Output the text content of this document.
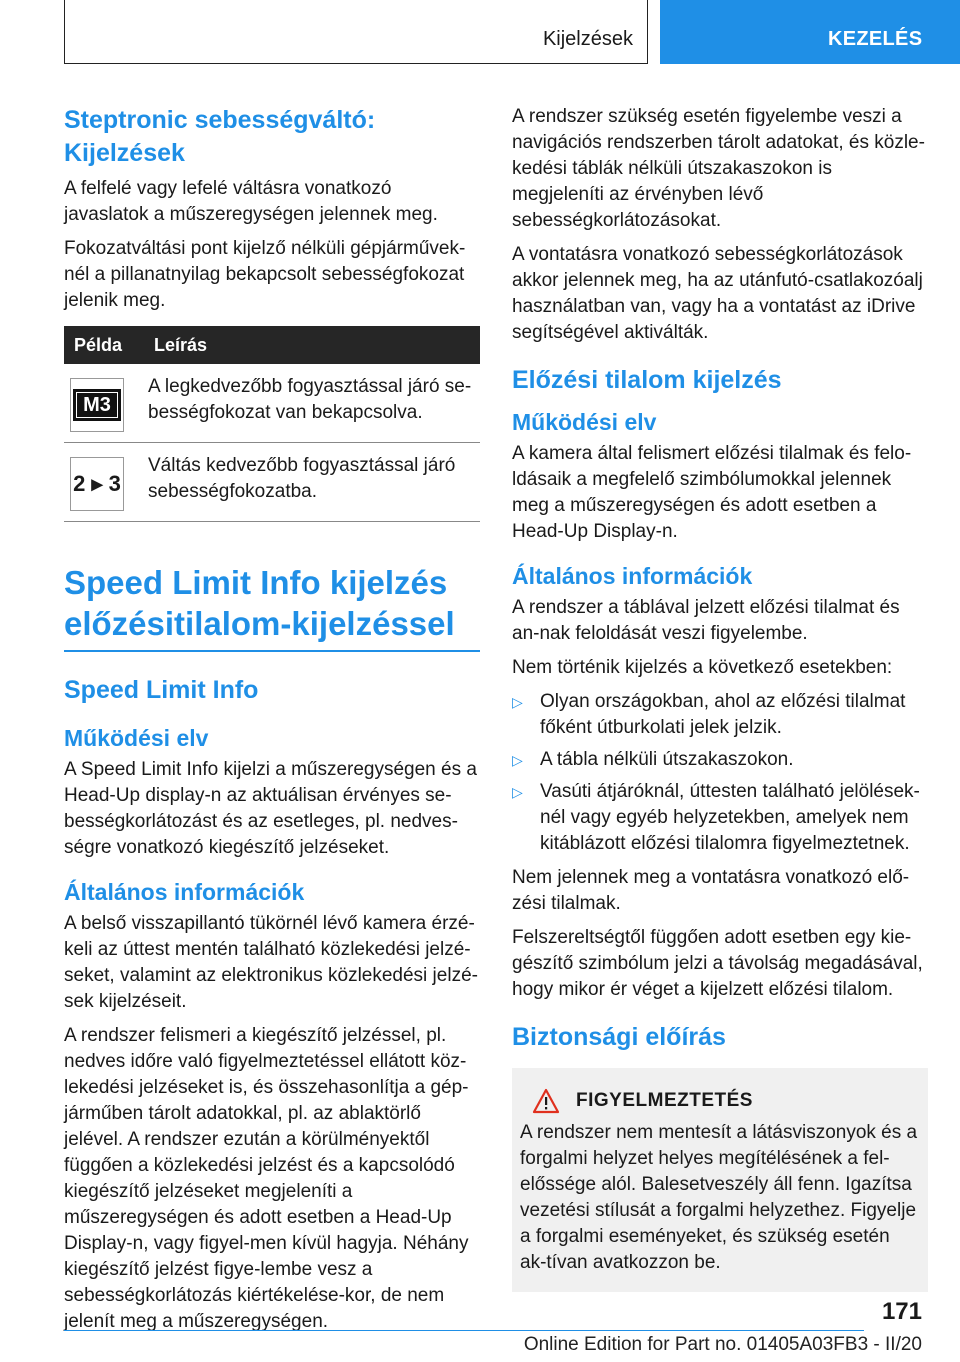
Kijelzések	KEZELÉS
Steptronic sebességváltó:
Kijelzések

A felfelé vagy lefelé váltásra vonatkozó javaslatok a műszeregységen jelennek meg.

Fokozatváltási pont kijelző nélküli gépjárművek-nél a pillanatnyilag bekapcsolt sebességfokozat jelenik meg.

Példa	Leírás

M3	A legkedvezőbb fogyasztással járó se-bességfokozat van bekapcsolva.

2 ▸ 3	Váltás kedvezőbb fogyasztással járó sebességfokozatba.
Speed Limit Info kijelzés
előzésitilalom-kijelzéssel
Speed Limit Info
Működési elv

A Speed Limit Info kijelzi a műszeregységen és a Head-Up display-n az aktuálisan érvényes se-bességkorlátozást és az esetleges, pl. nedves-ségre vonatkozó kiegészítő jelzéseket.

Általános információk

A belső visszapillantó tükörnél lévő kamera érzé-keli az úttest mentén található közlekedési jelzé-seket, valamint az elektronikus közlekedési jelzé-sek kijelzéseit.

A rendszer felismeri a kiegészítő jelzéssel, pl. nedves időre való figyelmeztetéssel ellátott köz-lekedési jelzéseket is, és összehasonlítja a gép-járműben tárolt adatokkal, pl. az ablaktörlő jelével. A rendszer ezután a körülményektől függően a közlekedési jelzést és a kapcsolódó kiegészítő jelzéseket megjeleníti a műszeregységen és adott esetben a Head-Up Display-n, vagy figyel-men kívül hagyja. Néhány kiegészítő jelzést figye-lembe vesz a sebességkorlátozás kiértékelése-kor, de nem jelenít meg a műszeregységen.

A rendszer szükség esetén figyelembe veszi a navigációs rendszerben tárolt adatokat, és közle-kedési táblák nélküli útszakaszokon is megjeleníti az érvényben lévő sebességkorlátozásokat.

A vontatásra vonatkozó sebességkorlátozások akkor jelennek meg, ha az utánfutó-csatlakozóalj használatban van, vagy ha a vontatást az iDrive segítségével aktiválták.

Előzési tilalom kijelzés
Működési elv

A kamera által felismert előzési tilalmak és felo-ldásaik a megfelelő szimbólumokkal jelennek meg a műszeregységen és adott esetben a Head-Up Display-n.

Általános információk

A rendszer a táblával jelzett előzési tilalmat és an-nak feloldását veszi figyelembe.

Nem történik kijelzés a következő esetekben:

▷ Olyan országokban, ahol az előzési tilalmat főként útburkolati jelek jelzik.
▷ A tábla nélküli útszakaszokon.
▷ Vasúti átjáróknál, úttesten található jelölések-nél vagy egyéb helyzetekben, amelyek nem kitáblázott előzési tilalomra figyelmeztetnek.

Nem jelennek meg a vontatásra vonatkozó elő-zési tilalmak.

Felszereltségtől függően adott esetben egy kie-gészítő szimbólum jelzi a távolság megadásával, hogy mikor ér véget a kijelzett előzési tilalom.

Biztonsági előírás
FIGYELMEZTETÉS

A rendszer nem mentesít a látásviszonyok és a forgalmi helyzet helyes megítélésének a fel-előssége alól. Balesetveszély áll fenn. Igazítsa vezetési stílusát a forgalmi helyzethez. Figyelje a forgalmi eseményeket, és szükség esetén ak-tívan avatkozzon be.

171
Online Edition for Part no. 01405A03FB3 - II/20
